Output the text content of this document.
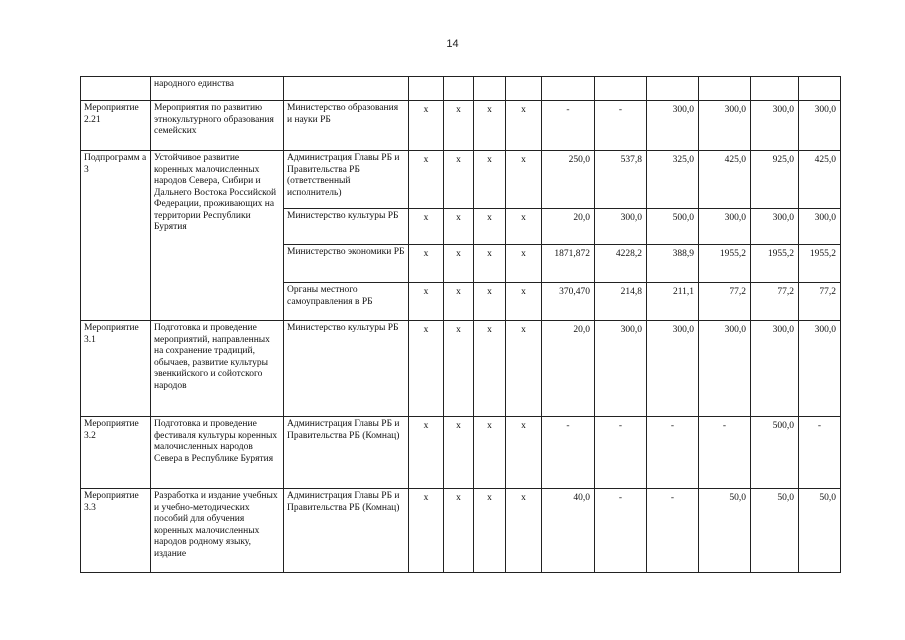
14
	народного единства											
Мероприятие 2.21	Мероприятия по развитию этнокультурного образования семейских	Министерство образования и науки РБ	x	x	x	x	-	-	300,0	300,0	300,0	300,0
Подпрограмм а 3	Устойчивое развитие коренных малочисленных народов Севера, Сибири и Дальнего Востока Российской Федерации, проживающих на территории Республики Бурятия	Администрация Главы РБ и Правительства РБ (ответственный исполнитель)	x	x	x	x	250,0	537,8	325,0	425,0	925,0	425,0
		Министерство культуры РБ	x	x	x	x	20,0	300,0	500,0	300,0	300,0	300,0
		Министерство экономики РБ	x	x	x	x	1871,872	4228,2	388,9	1955,2	1955,2	1955,2
		Органы местного самоуправления в РБ	x	x	x	x	370,470	214,8	211,1	77,2	77,2	77,2
Мероприятие 3.1	Подготовка и проведение мероприятий, направленных на сохранение традиций, обычаев, развитие культуры эвенкийского и сойотского народов	Министерство культуры РБ	x	x	x	x	20,0	300,0	300,0	300,0	300,0	300,0
Мероприятие 3.2	Подготовка и проведение фестиваля культуры коренных малочисленных народов Севера в Республике Бурятия	Администрация Главы РБ и Правительства РБ (Комнац)	x	x	x	x	-	-	-	-	500,0	-
Мероприятие 3.3	Разработка и издание учебных и учебно-методических пособий для обучения коренных малочисленных народов родному языку, издание	Администрация Главы РБ и Правительства РБ (Комнац)	x	x	x	x	40,0	-	-	50,0	50,0	50,0
